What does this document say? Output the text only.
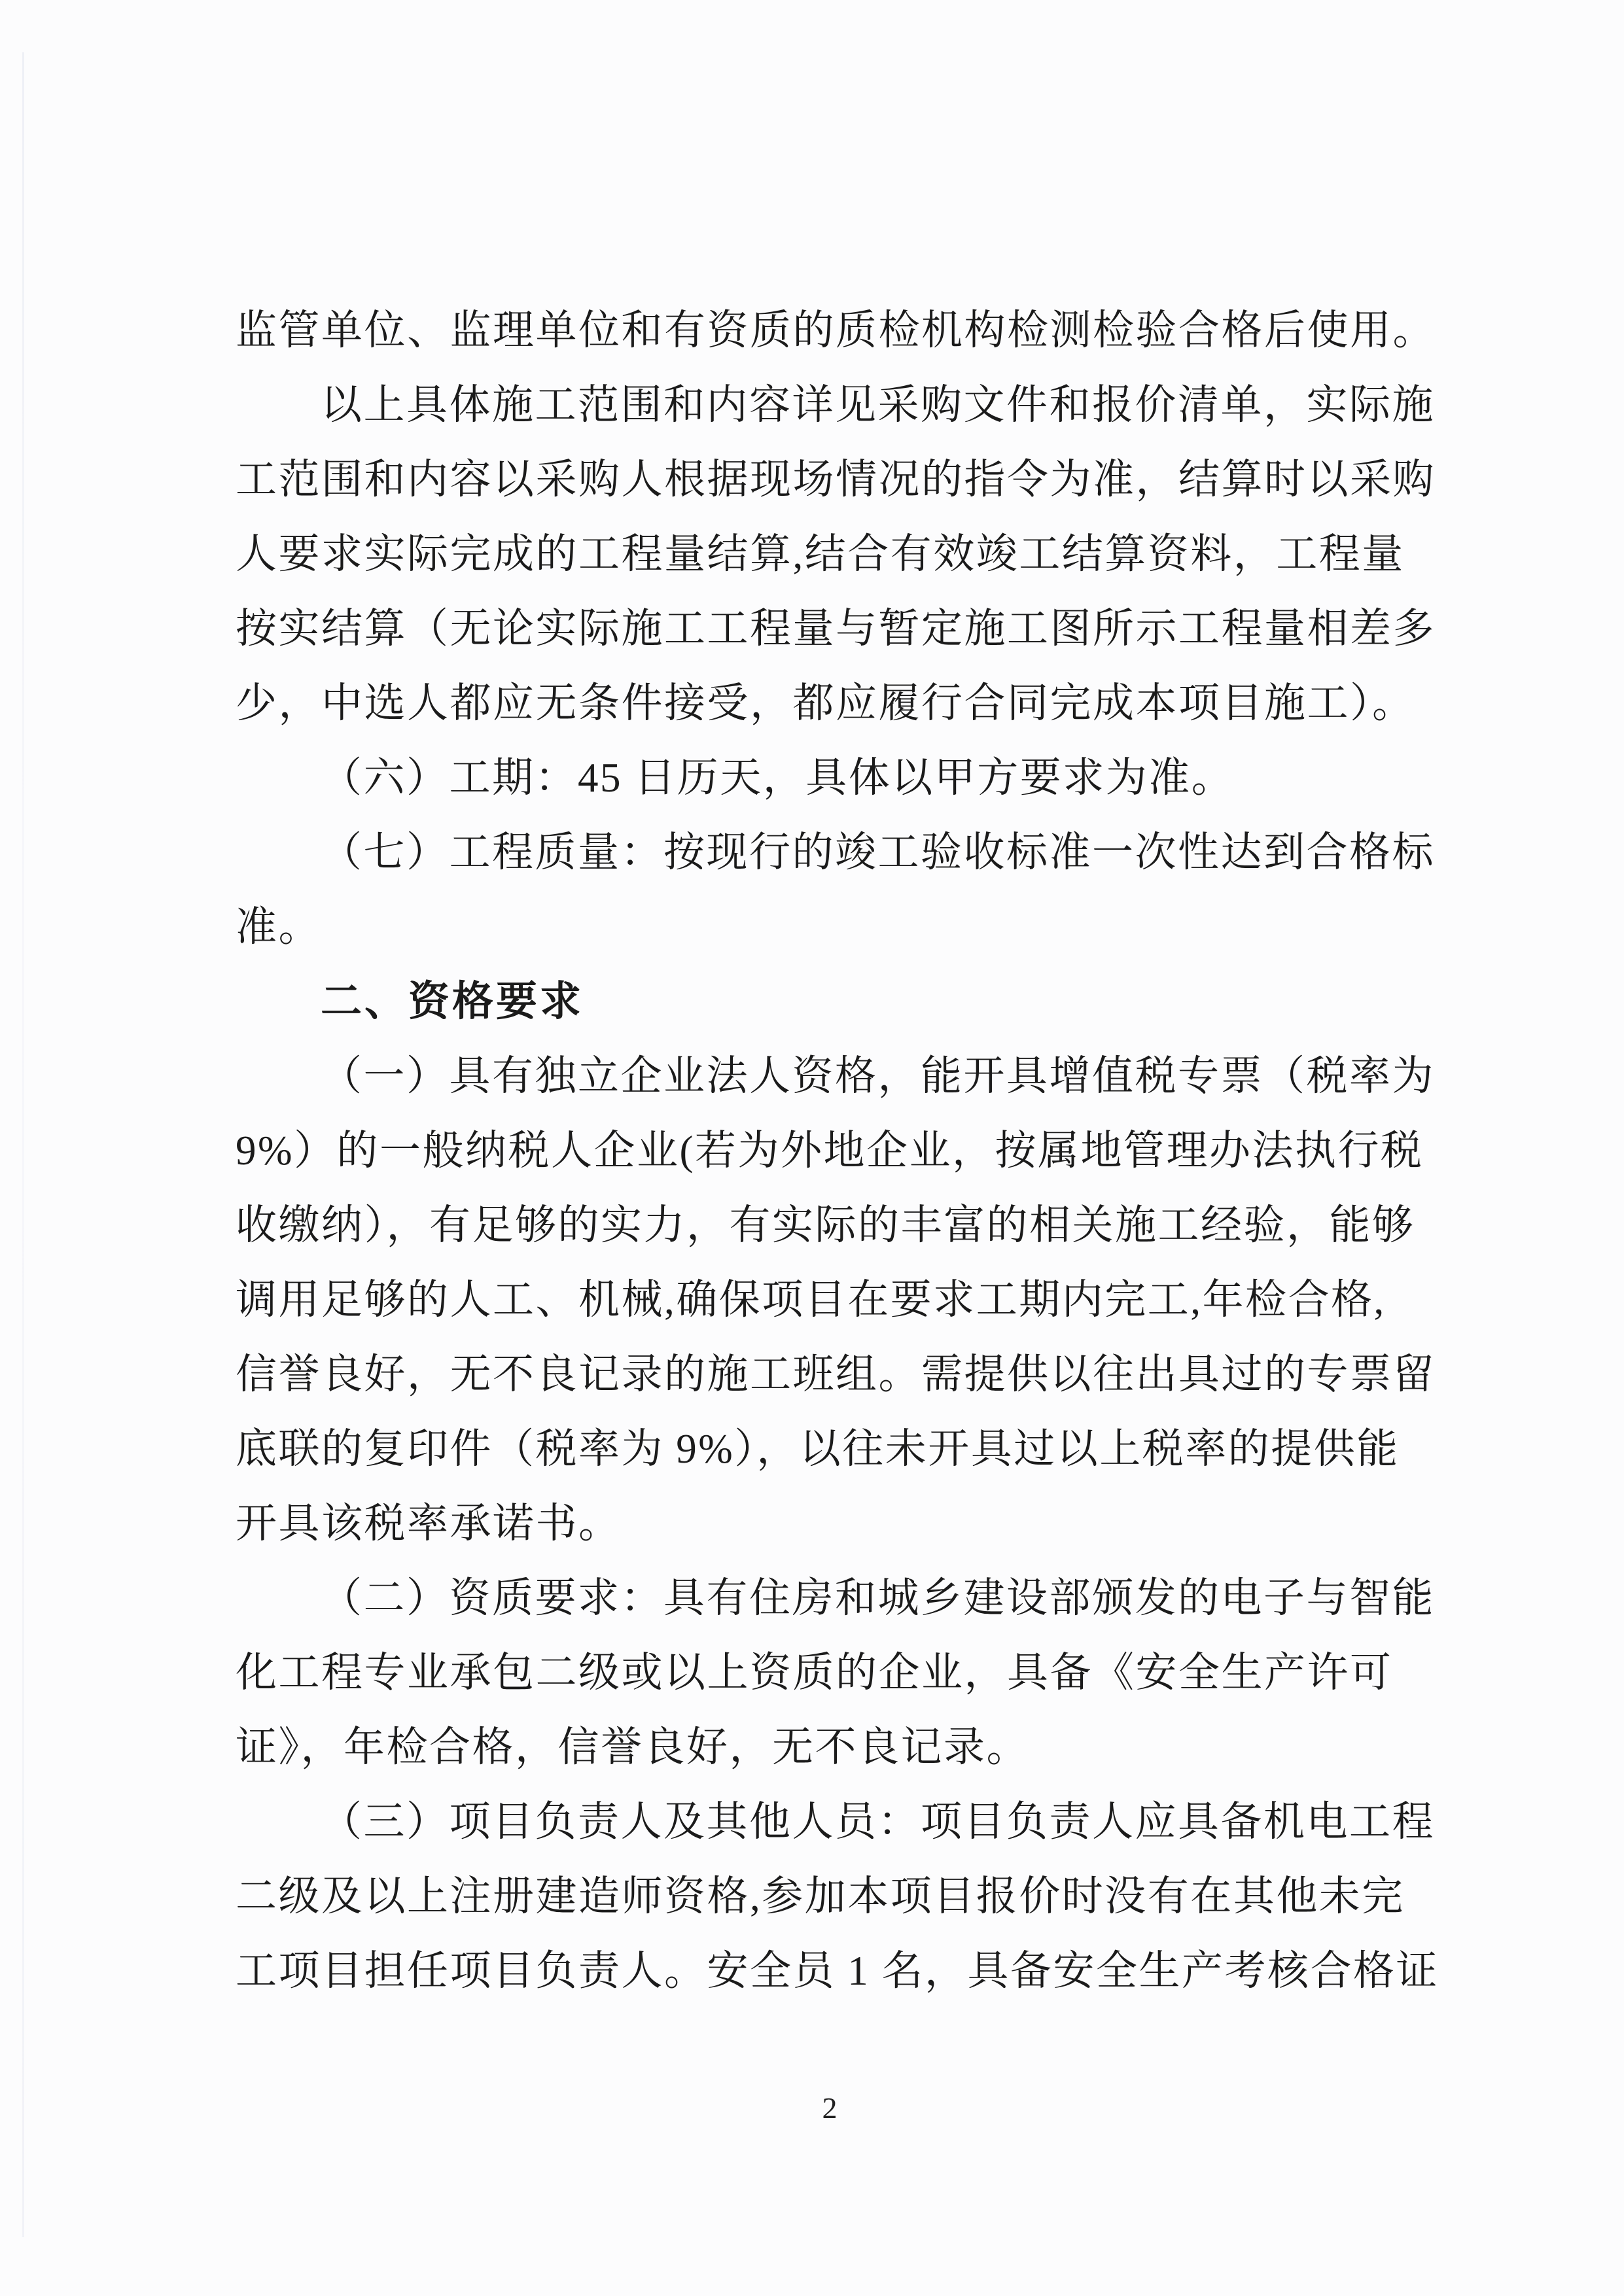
监管单位、监理单位和有资质的质检机构检测检验合格后使用。
以上具体施工范围和内容详见采购文件和报价清单，实际施
工范围和内容以采购人根据现场情况的指令为准，结算时以采购
人要求实际完成的工程量结算,结合有效竣工结算资料，工程量
按实结算（无论实际施工工程量与暂定施工图所示工程量相差多
少，中选人都应无条件接受，都应履行合同完成本项目施工）。
（六）工期：45 日历天，具体以甲方要求为准。
（七）工程质量：按现行的竣工验收标准一次性达到合格标
准。
二、资格要求
（一）具有独立企业法人资格，能开具增值税专票（税率为
9%）的一般纳税人企业(若为外地企业，按属地管理办法执行税
收缴纳），有足够的实力，有实际的丰富的相关施工经验，能够
调用足够的人工、机械,确保项目在要求工期内完工,年检合格,
信誉良好，无不良记录的施工班组。需提供以往出具过的专票留
底联的复印件（税率为 9%），以往未开具过以上税率的提供能
开具该税率承诺书。
（二）资质要求：具有住房和城乡建设部颁发的电子与智能
化工程专业承包二级或以上资质的企业，具备《安全生产许可
证》，年检合格，信誉良好，无不良记录。
（三）项目负责人及其他人员：项目负责人应具备机电工程
二级及以上注册建造师资格,参加本项目报价时没有在其他未完
工项目担任项目负责人。安全员 1 名，具备安全生产考核合格证
2
